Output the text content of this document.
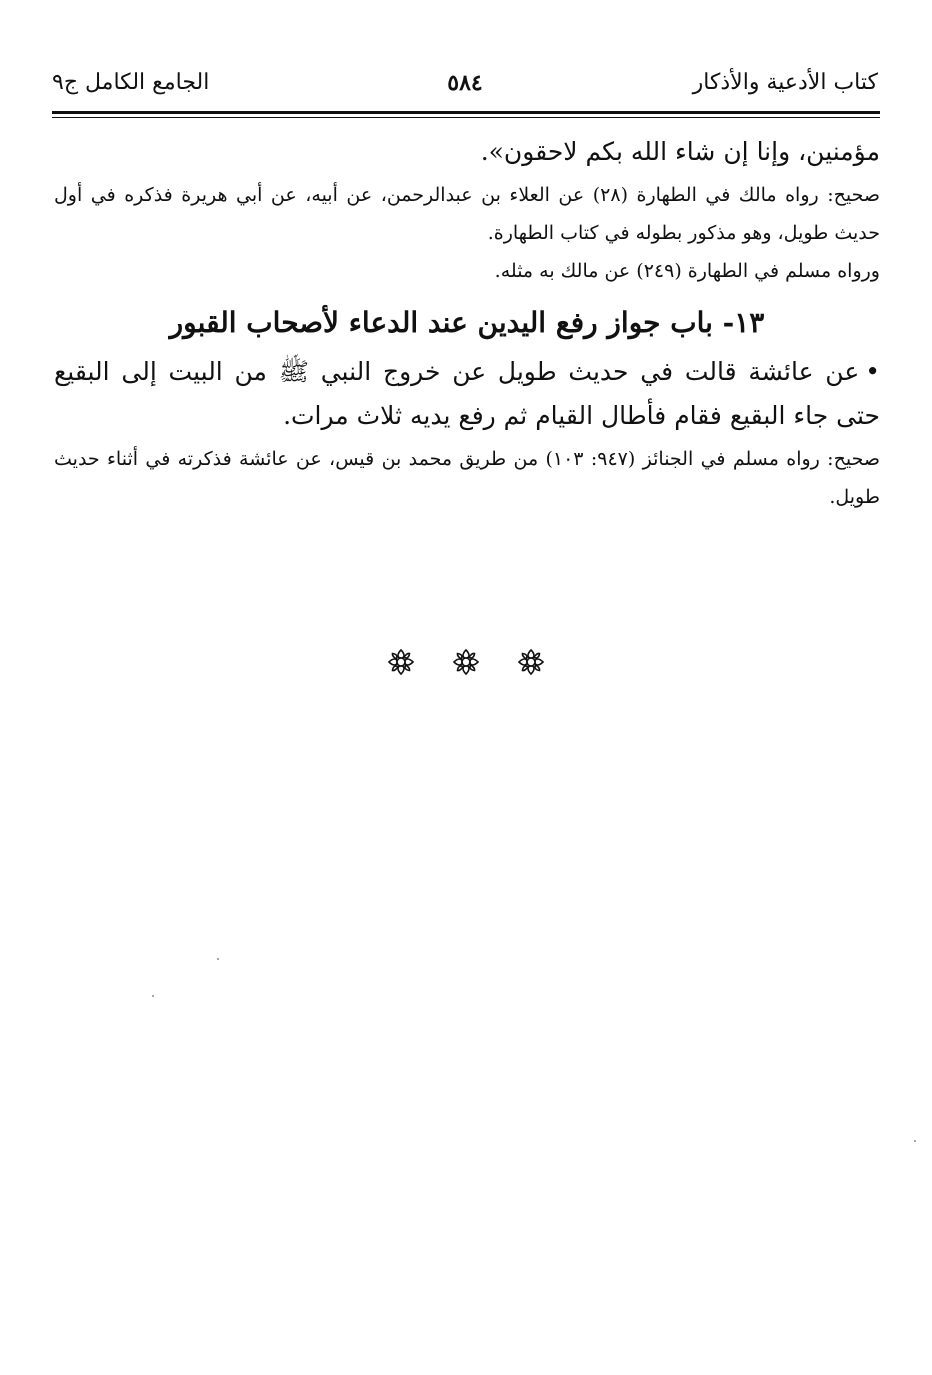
كتاب الأدعية والأذكار
٥٨٤
الجامع الكامل ج٩

مؤمنين، وإنا إن شاء الله بكم لاحقون».

صحيح: رواه مالك في الطهارة (٢٨) عن العلاء بن عبدالرحمن، عن أبيه، عن أبي هريرة فذكره في أول حديث طويل، وهو مذكور بطوله في كتاب الطهارة.

ورواه مسلم في الطهارة (٢٤٩) عن مالك به مثله.

١٣- باب جواز رفع اليدين عند الدعاء لأصحاب القبور

•عن عائشة قالت في حديث طويل عن خروج النبي ﷺ من البيت إلى البقيع حتى جاء البقيع فقام فأطال القيام ثم رفع يديه ثلاث مرات.

صحيح: رواه مسلم في الجنائز (٩٤٧: ١٠٣) من طريق محمد بن قيس، عن عائشة فذكرته في أثناء حديث طويل.
